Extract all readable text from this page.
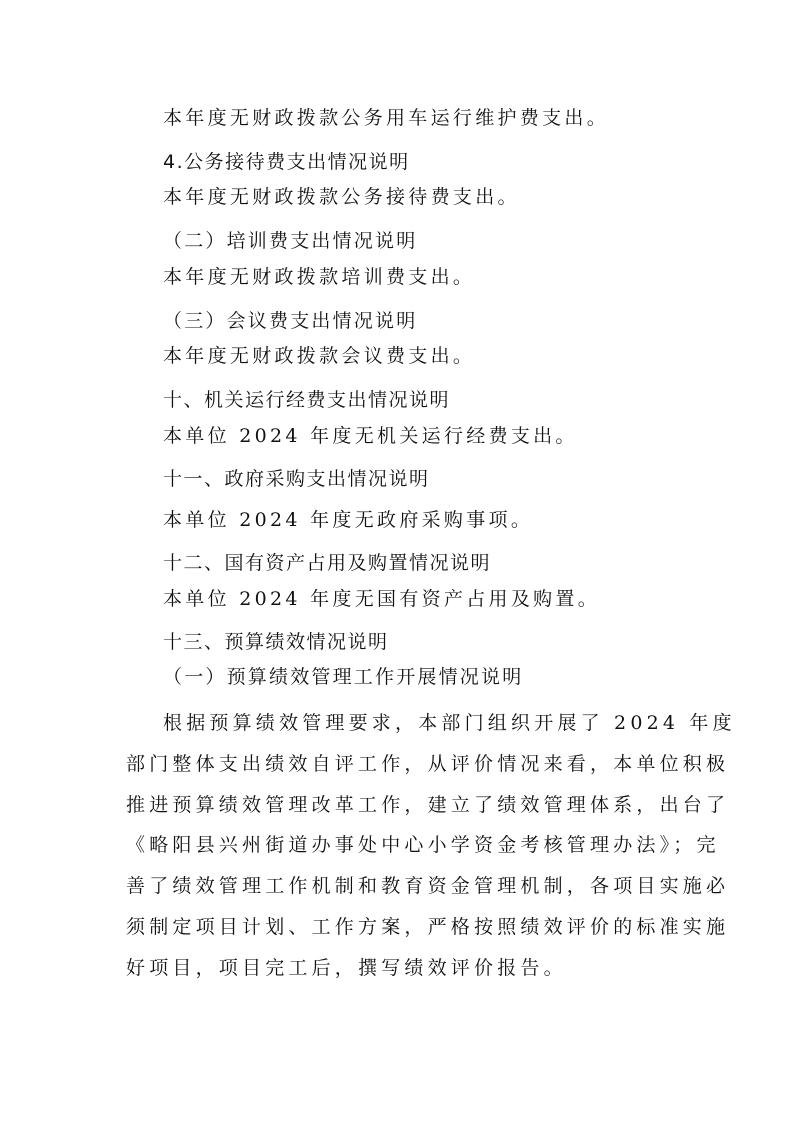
本年度无财政拨款公务用车运行维护费支出。
4.公务接待费支出情况说明
本年度无财政拨款公务接待费支出。
（二）培训费支出情况说明
本年度无财政拨款培训费支出。
（三）会议费支出情况说明
本年度无财政拨款会议费支出。
十、机关运行经费支出情况说明
本单位 2024 年度无机关运行经费支出。
十一、政府采购支出情况说明
本单位 2024 年度无政府采购事项。
十二、国有资产占用及购置情况说明
本单位 2024 年度无国有资产占用及购置。
十三、预算绩效情况说明
（一）预算绩效管理工作开展情况说明
根据预算绩效管理要求，本部门组织开展了 2024 年度
部门整体支出绩效自评工作，从评价情况来看，本单位积极
推进预算绩效管理改革工作，建立了绩效管理体系，出台了
《略阳县兴州街道办事处中心小学资金考核管理办法》；完
善了绩效管理工作机制和教育资金管理机制，各项目实施必
须制定项目计划、工作方案，严格按照绩效评价的标准实施
好项目，项目完工后，撰写绩效评价报告。
